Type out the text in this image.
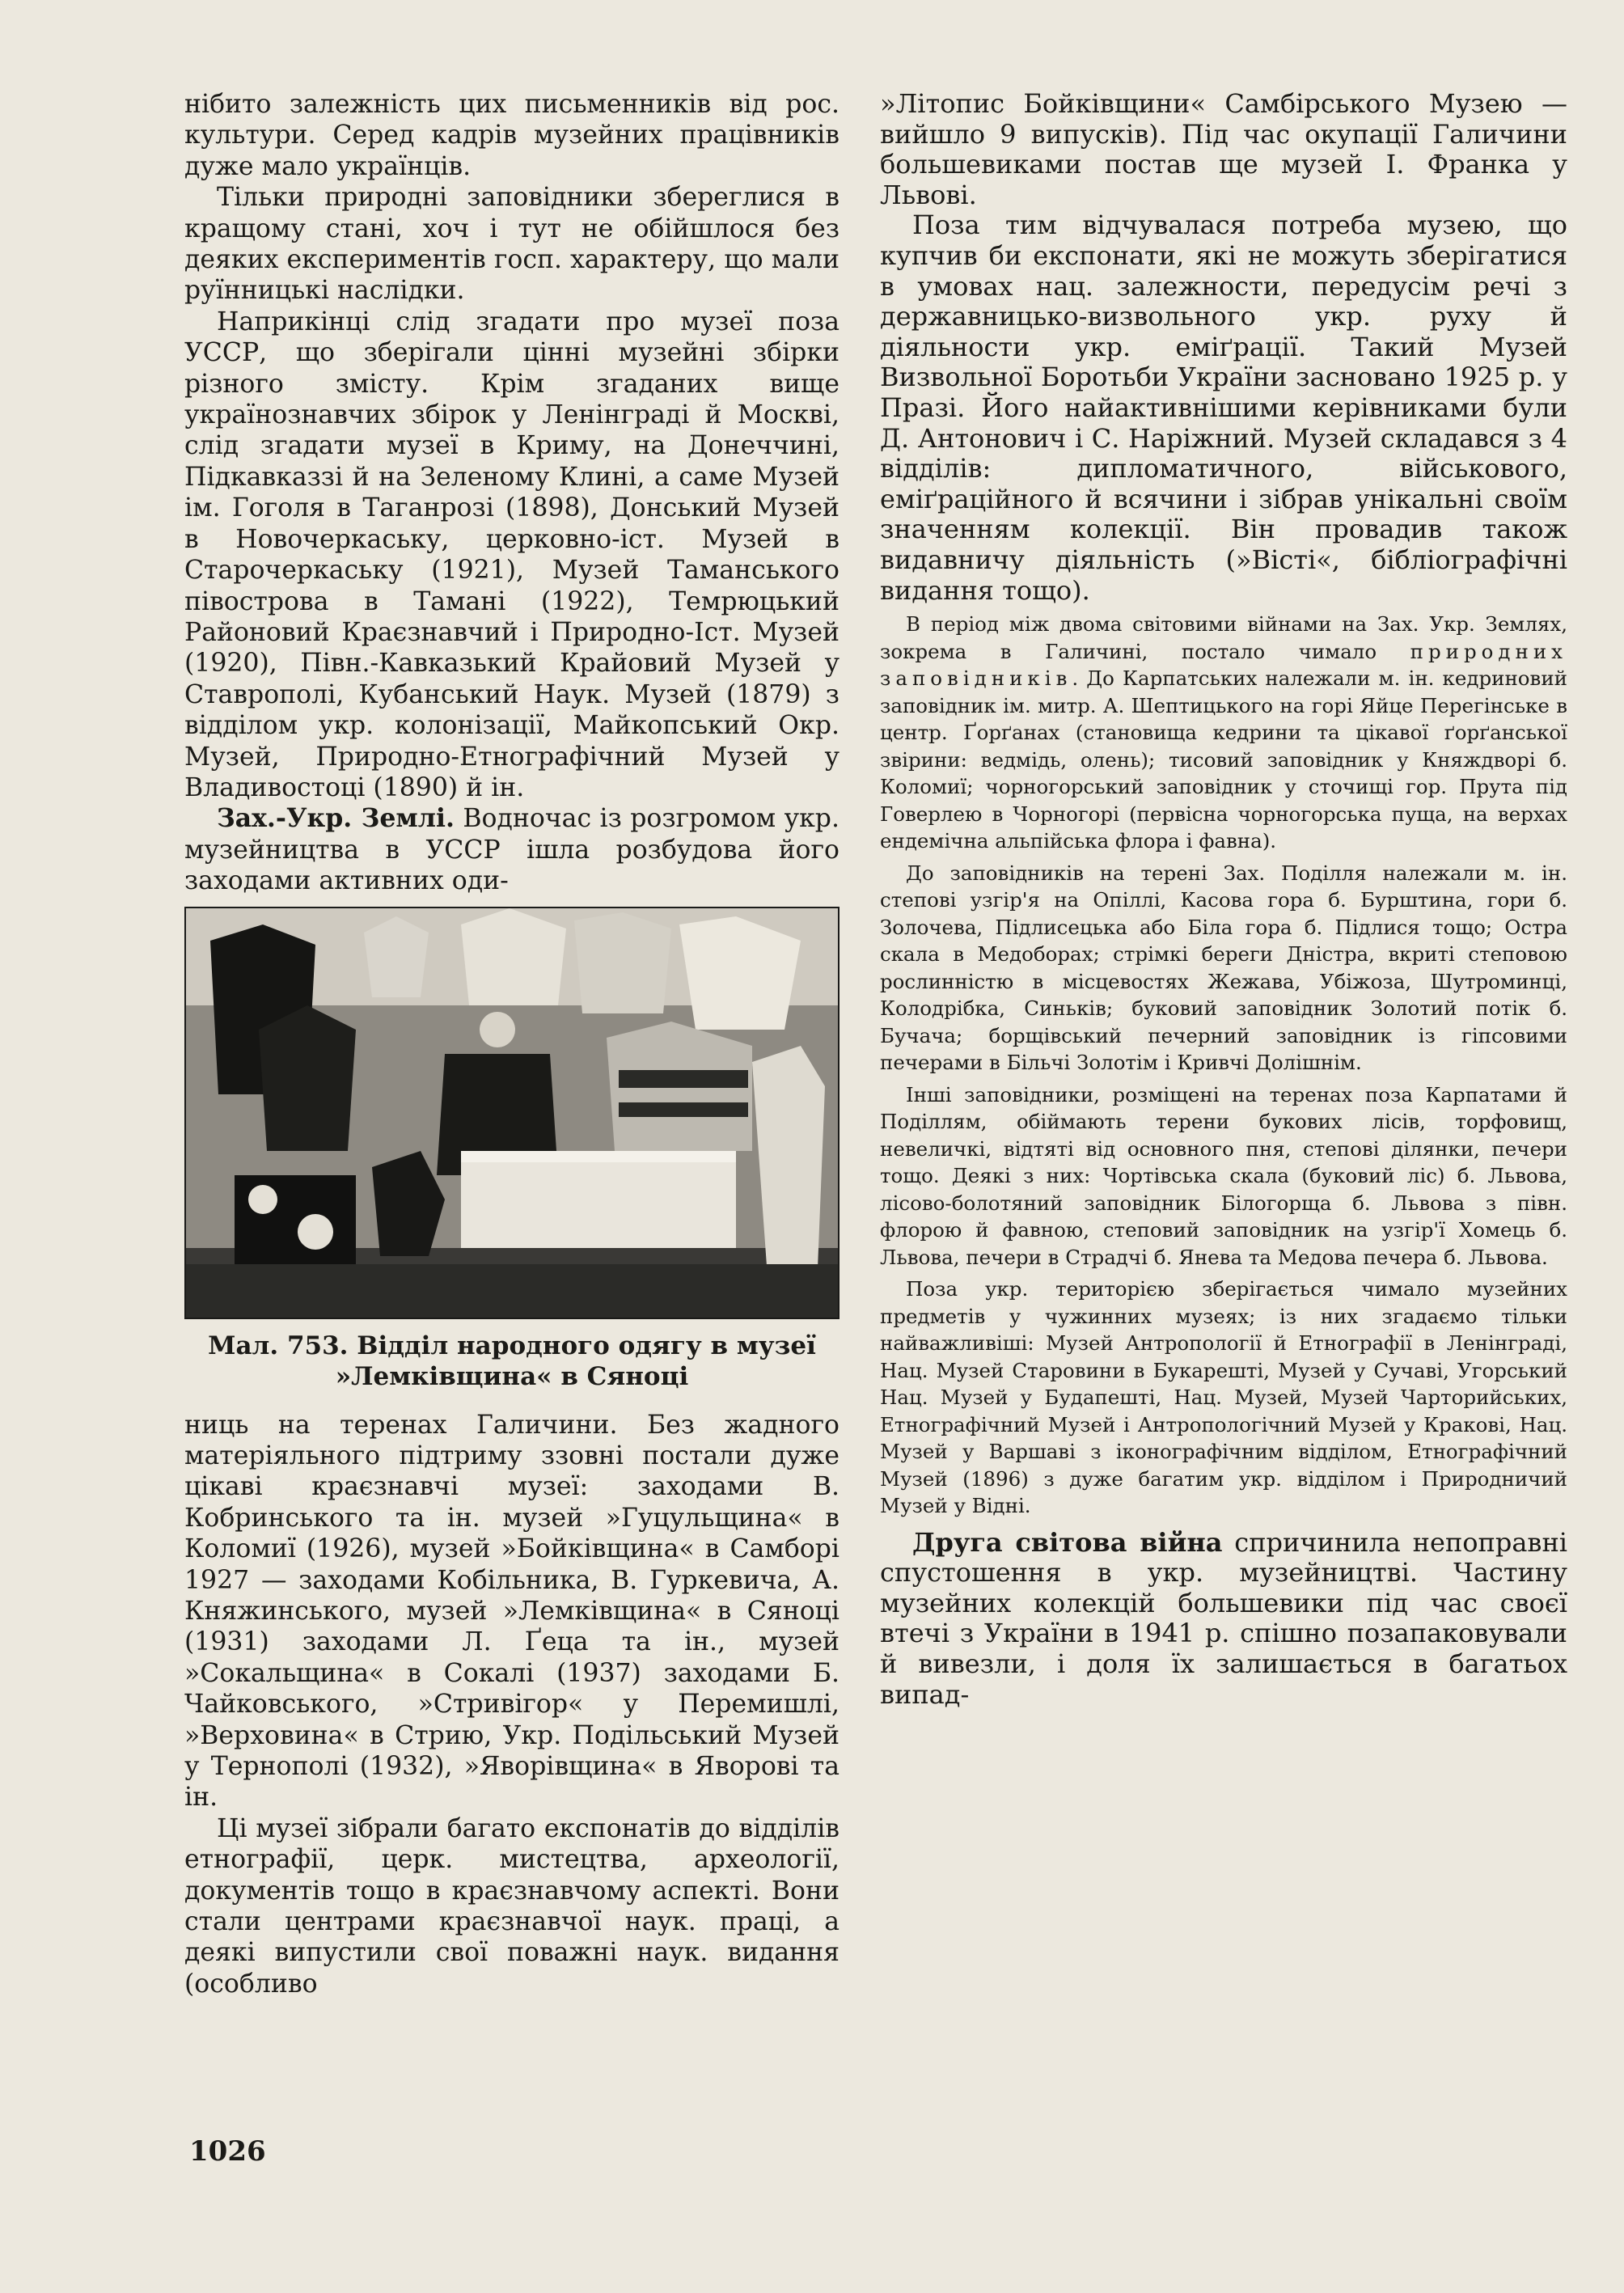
нібито залежність цих письменників від рос. культури. Серед кадрів музейних працівників дуже мало українців.

Тільки природні заповідники збереглися в кращому стані, хоч і тут не обійшлося без деяких експериментів госп. характеру, що мали руїнницькі наслідки.

Наприкінці слід згадати про музеї поза УССР, що зберігали цінні музейні збірки різного змісту. Крім згаданих вище українознавчих збірок у Ленінграді й Москві, слід згадати музеї в Криму, на Донеччині, Підкавказзі й на Зеленому Клині, а саме Музей ім. Гоголя в Таганрозі (1898), Донський Музей в Новочеркаську, церковно-іст. Музей в Старочеркаську (1921), Музей Таманського півострова в Тамані (1922), Темрюцький Районовий Краєзнавчий і Природно-Іст. Музей (1920), Півн.-Кавказький Крайовий Музей у Ставрополі, Кубанський Наук. Музей (1879) з відділом укр. колонізації, Майкопський Окр. Музей, Природно-Етнографічний Музей у Владивостоці (1890) й ін.

Зах.-Укр. Землі. Водночас із розгромом укр. музейництва в УССР ішла розбудова його заходами активних оди-

Мал. 753. Відділ народного одягу в музеї »Лемківщина« в Сяноці

ниць на теренах Галичини. Без жадного матеріяльного підтриму ззовні постали дуже цікаві краєзнавчі музеї: заходами В. Кобринського та ін. музей »Гуцульщина« в Коломиї (1926), музей »Бойківщина« в Самборі 1927 — заходами Кобільника, В. Гуркевича, А. Княжинського, музей »Лемківщина« в Сяноці (1931) заходами Л. Ґеца та ін., музей »Сокальщина« в Сокалі (1937) заходами Б. Чайковського, »Стривігор« у Перемишлі, »Верховина« в Стрию, Укр. Подільський Музей у Тернополі (1932), »Яворівщина« в Яворові та ін.

Ці музеї зібрали багато експонатів до відділів етнографії, церк. мистецтва, археології, документів тощо в краєзнавчому аспекті. Вони стали центрами краєзнавчої наук. праці, а деякі випустили свої поважні наук. видання (особливо

»Літопис Бойківщини« Самбірського Музею — вийшло 9 випусків). Під час окупації Галичини большевиками постав ще музей І. Франка у Львові.

Поза тим відчувалася потреба музею, що купчив би експонати, які не можуть зберігатися в умовах нац. залежности, передусім речі з державницько-визвольного укр. руху й діяльности укр. еміґрації. Такий Музей Визвольної Боротьби України засновано 1925 р. у Празі. Його найактивнішими керівниками були Д. Антонович і С. Наріжний. Музей складався з 4 відділів: дипломатичного, військового, еміґраційного й всячини і зібрав унікальні своїм значенням колекції. Він провадив також видавничу діяльність (»Вісті«, бібліографічні видання тощо).

В період між двома світовими війнами на Зах. Укр. Землях, зокрема в Галичині, постало чимало природних заповідників. До Карпатських належали м. ін. кедриновий заповідник ім. митр. А. Шептицького на горі Яйце Перегінське в центр. Ґорґанах (становища кедрини та цікавої ґорґанської звірини: ведмідь, олень); тисовий заповідник у Княждворі б. Коломиї; чорногорський заповідник у сточищі гор. Прута під Говерлею в Чорногорі (первісна чорногорська пуща, на верхах ендемічна альпійська флора і фавна).

До заповідників на терені Зах. Поділля належали м. ін. степові узгір'я на Опіллі, Касова гора б. Бурштина, гори б. Золочева, Підлисецька або Біла гора б. Підлися тощо; Остра скала в Медоборах; стрімкі береги Дністра, вкриті степовою рослинністю в місцевостях Жежава, Убіжоза, Шутроминці, Колодрібка, Синьків; буковий заповідник Золотий потік б. Бучача; борщівський печерний заповідник із гіпсовими печерами в Більчі Золотім і Кривчі Долішнім.

Інші заповідники, розміщені на теренах поза Карпатами й Поділлям, обіймають терени букових лісів, торфовищ, невеличкі, відтяті від основного пня, степові ділянки, печери тощо. Деякі з них: Чортівська скала (буковий ліс) б. Львова, лісово-болотяний заповідник Білогорща б. Львова з півн. флорою й фавною, степовий заповідник на узгір'ї Хомець б. Львова, печери в Страдчі б. Янева та Медова печера б. Львова.

Поза укр. територією зберігається чимало музейних предметів у чужинних музеях; із них згадаємо тільки найважливіші: Музей Антропології й Етнографії в Ленінграді, Нац. Музей Старовини в Букарешті, Музей у Сучаві, Угорський Нац. Музей у Будапешті, Нац. Музей, Музей Чарторийських, Етнографічний Музей і Антропологічний Музей у Кракові, Нац. Музей у Варшаві з іконографічним відділом, Етнографічний Музей (1896) з дуже багатим укр. відділом і Природничий Музей у Відні.

Друга світова війна спричинила непоправні спустошення в укр. музейництві. Частину музейних колекцій большевики під час своєї втечі з України в 1941 р. спішно позапаковували й вивезли, і доля їх залишається в багатьох випад-

1026
